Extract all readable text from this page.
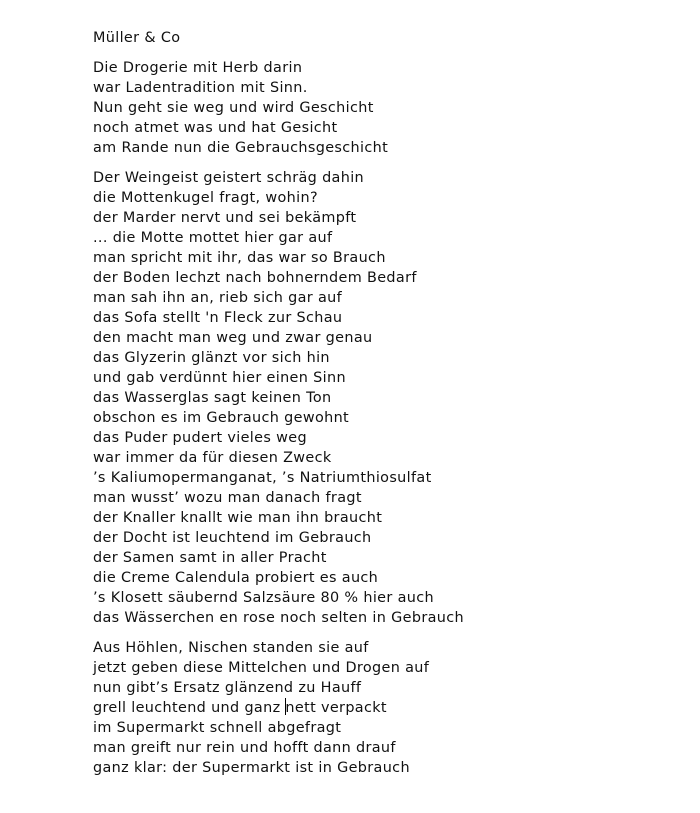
Müller & Co
Die Drogerie mit Herb darin
war Ladentradition mit Sinn.
Nun geht sie weg und wird Geschicht
noch atmet was und hat Gesicht
am Rande nun die Gebrauchsgeschicht
Der Weingeist geistert schräg dahin
die Mottenkugel fragt, wohin?
der Marder nervt und sei bekämpft
... die Motte mottet hier gar auf
man spricht mit ihr, das war so Brauch
der Boden lechzt nach bohnerndem Bedarf
man sah ihn an, rieb sich gar auf
das Sofa stellt 'n Fleck zur Schau
den macht man weg und zwar genau
das Glyzerin glänzt vor sich hin
und gab verdünnt hier einen Sinn
das Wasserglas sagt keinen Ton
obschon es im Gebrauch gewohnt
das Puder pudert vieles weg
war immer da für diesen Zweck
’s Kaliumopermanganat, ’s Natriumthiosulfat
man wusst’ wozu man danach fragt
der Knaller knallt wie man ihn braucht
der Docht ist leuchtend im Gebrauch
der Samen samt in aller Pracht
die Creme Calendula probiert es auch
’s Klosett säubernd Salzsäure 80 % hier auch
das Wässerchen en rose noch selten in Gebrauch
Aus Höhlen, Nischen standen sie auf
jetzt geben diese Mittelchen und Drogen auf
nun gibt’s Ersatz glänzend zu Hauff
grell leuchtend und ganz nett verpackt
im Supermarkt schnell abgefragt
man greift nur rein und hofft dann drauf
ganz klar: der Supermarkt ist in Gebrauch
